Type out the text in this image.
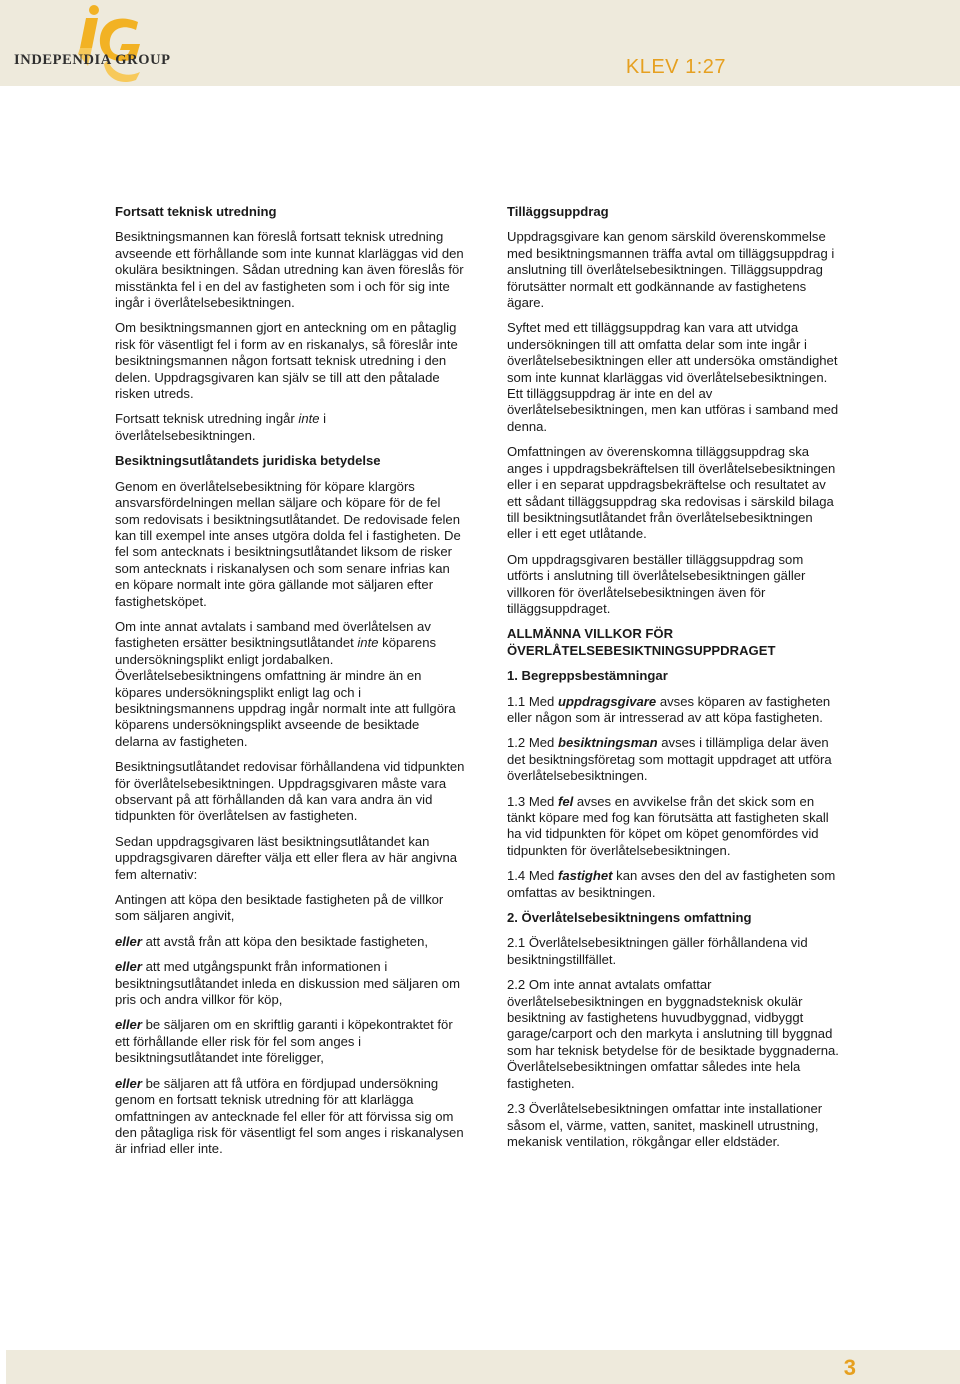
INDEPENDIA GROUP	KLEV 1:27
Fortsatt teknisk utredning

Besiktningsmannen kan föreslå fortsatt teknisk utredning avseende ett förhållande som inte kunnat klarläggas vid den okulära besiktningen. Sådan utredning kan även föreslås för misstänkta fel i en del av fastigheten som i och för sig inte ingår i överlåtelsebesiktningen.

Om besiktningsmannen gjort en anteckning om en påtaglig risk för väsentligt fel i form av en riskanalys, så föreslår inte besiktningsmannen någon fortsatt teknisk utredning i den delen. Uppdragsgivaren kan själv se till att den påtalade risken utreds.

Fortsatt teknisk utredning ingår inte i överlåtelsebesiktningen.

Besiktningsutlåtandets juridiska betydelse

Genom en överlåtelsebesiktning för köpare klargörs ansvarsfördelningen mellan säljare och köpare för de fel som redovisats i besiktningsutlåtandet. De redovisade felen kan till exempel inte anses utgöra dolda fel i fastigheten. De fel som antecknats i besiktningsutlåtandet liksom de risker som antecknats i riskanalysen och som senare infrias kan en köpare normalt inte göra gällande mot säljaren efter fastighetsköpet.

Om inte annat avtalats i samband med överlåtelsen av fastigheten ersätter besiktningsutlåtandet inte köparens undersökningsplikt enligt jordabalken. Överlåtelsebesiktningens omfattning är mindre än en köpares undersökningsplikt enligt lag och i besiktningsmannens uppdrag ingår normalt inte att fullgöra köparens undersökningsplikt avseende de besiktade delarna av fastigheten.

Besiktningsutlåtandet redovisar förhållandena vid tidpunkten för överlåtelsebesiktningen. Uppdragsgivaren måste vara observant på att förhållanden då kan vara andra än vid tidpunkten för överlåtelsen av fastigheten.

Sedan uppdragsgivaren läst besiktningsutlåtandet kan uppdragsgivaren därefter välja ett eller flera av här angivna fem alternativ:

Antingen att köpa den besiktade fastigheten på de villkor som säljaren angivit,

eller att avstå från att köpa den besiktade fastigheten,

eller att med utgångspunkt från informationen i besiktningsutlåtandet inleda en diskussion med säljaren om pris och andra villkor för köp,

eller be säljaren om en skriftlig garanti i köpekontraktet för ett förhållande eller risk för fel som anges i besiktningsutlåtandet inte föreligger,

eller be säljaren att få utföra en fördjupad undersökning genom en fortsatt teknisk utredning för att klarlägga omfattningen av antecknade fel eller för att förvissa sig om den påtagliga risk för väsentligt fel som anges i riskanalysen är infriad eller inte.

Tilläggsuppdrag

Uppdragsgivare kan genom särskild överenskommelse med besiktningsmannen träffa avtal om tilläggsuppdrag i anslutning till överlåtelsebesiktningen. Tilläggsuppdrag förutsätter normalt ett godkännande av fastighetens ägare.

Syftet med ett tilläggsuppdrag kan vara att utvidga undersökningen till att omfatta delar som inte ingår i överlåtelsebesiktningen eller att undersöka omständighet som inte kunnat klarläggas vid överlåtelsebesiktningen. Ett tilläggsuppdrag är inte en del av överlåtelsebesiktningen, men kan utföras i samband med denna.

Omfattningen av överenskomna tilläggsuppdrag ska anges i uppdragsbekräftelsen till överlåtelsebesiktningen eller i en separat uppdragsbekräftelse och resultatet av ett sådant tilläggsuppdrag ska redovisas i särskild bilaga till besiktningsutlåtandet från överlåtelsebesiktningen eller i ett eget utlåtande.

Om uppdragsgivaren beställer tilläggsuppdrag som utförts i anslutning till överlåtelsebesiktningen gäller villkoren för överlåtelsebesiktningen även för tilläggsuppdraget.

ALLMÄNNA VILLKOR FÖR ÖVERLÅTELSEBESIKTNINGSUPPDRAGET
1. Begreppsbestämningar

1.1 Med uppdragsgivare avses köparen av fastigheten eller någon som är intresserad av att köpa fastigheten.

1.2 Med besiktningsman avses i tillämpliga delar även det besiktningsföretag som mottagit uppdraget att utföra överlåtelsebesiktningen.

1.3 Med fel avses en avvikelse från det skick som en tänkt köpare med fog kan förutsätta att fastigheten skall ha vid tidpunkten för köpet om köpet genomfördes vid tidpunkten för överlåtelsebesiktningen.

1.4 Med fastighet kan avses den del av fastigheten som omfattas av besiktningen.

2. Överlåtelsebesiktningens omfattning

2.1 Överlåtelsebesiktningen gäller förhållandena vid besiktningstillfället.

2.2 Om inte annat avtalats omfattar överlåtelsebesiktningen en byggnadsteknisk okulär besiktning av fastighetens huvudbyggnad, vidbyggt garage/carport och den markyta i anslutning till byggnad som har teknisk betydelse för de besiktade byggnaderna. Överlåtelsebesiktningen omfattar således inte hela fastigheten.

2.3 Överlåtelsebesiktningen omfattar inte installationer såsom el, värme, vatten, sanitet, maskinell utrustning, mekanisk ventilation, rökgångar eller eldstäder.

3
